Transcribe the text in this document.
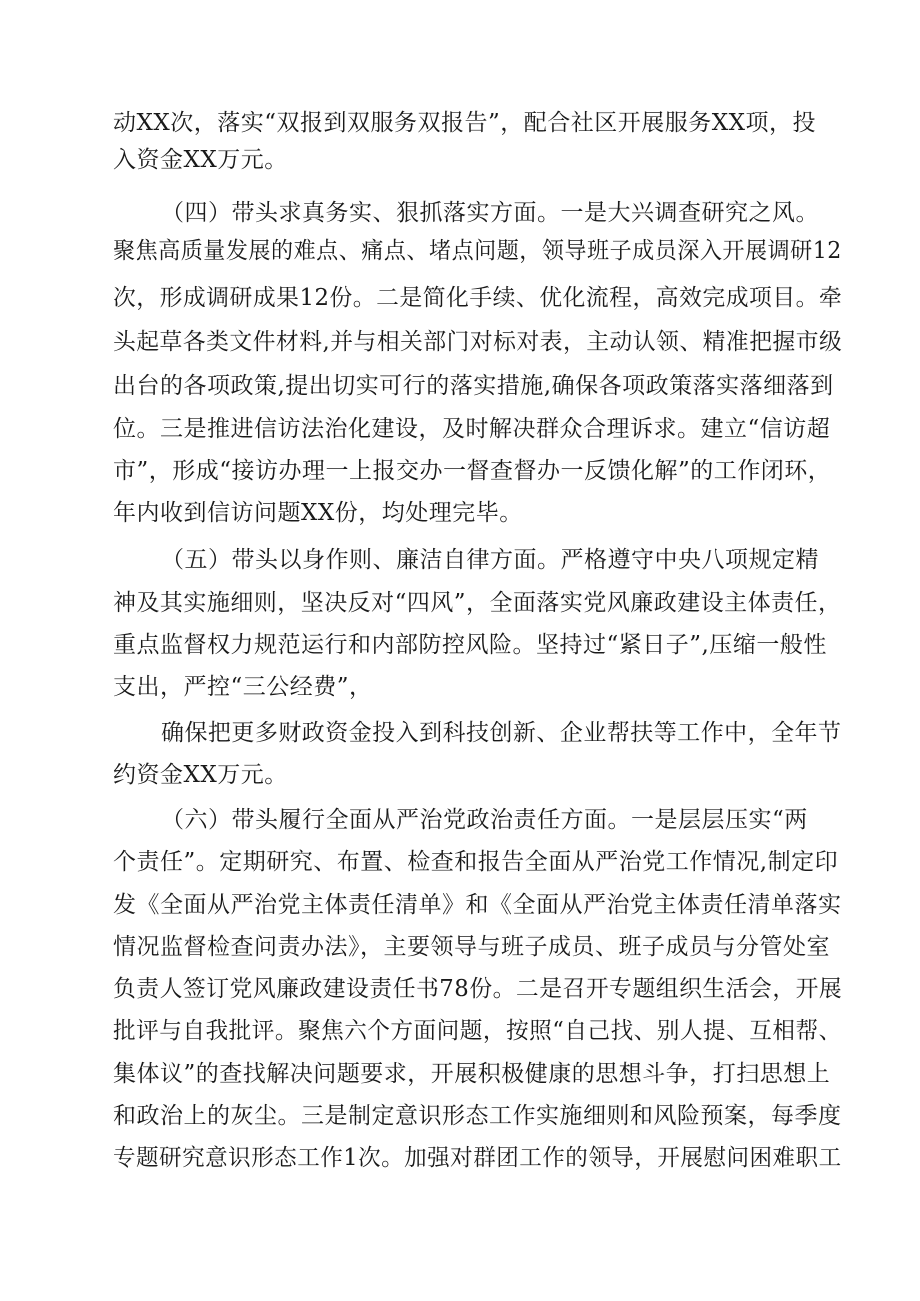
动XX次，落实“双报到双服务双报告”，配合社区开展服务XX项，投
入资金XX万元。
（四）带头求真务实、狠抓落实方面。一是大兴调查研究之风。
聚焦高质量发展的难点、痛点、堵点问题，领导班子成员深入开展调研12
次，形成调研成果12份。二是简化手续、优化流程，高效完成项目。牵
头起草各类文件材料,并与相关部门对标对表，主动认领、精准把握市级
出台的各项政策,提出切实可行的落实措施,确保各项政策落实落细落到
位。三是推进信访法治化建设，及时解决群众合理诉求。建立“信访超
市”，形成“接访办理一上报交办一督查督办一反馈化解”的工作闭环，
年内收到信访问题XX份，均处理完毕。
（五）带头以身作则、廉洁自律方面。严格遵守中央八项规定精
神及其实施细则，坚决反对“四风”，全面落实党风廉政建设主体责任，
重点监督权力规范运行和内部防控风险。坚持过“紧日子”,压缩一般性
支出，严控“三公经费”，
确保把更多财政资金投入到科技创新、企业帮扶等工作中，全年节
约资金XX万元。
（六）带头履行全面从严治党政治责任方面。一是层层压实“两
个责任”。定期研究、布置、检查和报告全面从严治党工作情况,制定印
发《全面从严治党主体责任清单》和《全面从严治党主体责任清单落实
情况监督检查问责办法》，主要领导与班子成员、班子成员与分管处室
负责人签订党风廉政建设责任书78份。二是召开专题组织生活会，开展
批评与自我批评。聚焦六个方面问题，按照“自己找、别人提、互相帮、
集体议”的查找解决问题要求，开展积极健康的思想斗争，打扫思想上
和政治上的灰尘。三是制定意识形态工作实施细则和风险预案，每季度
专题研究意识形态工作1次。加强对群团工作的领导，开展慰问困难职工
